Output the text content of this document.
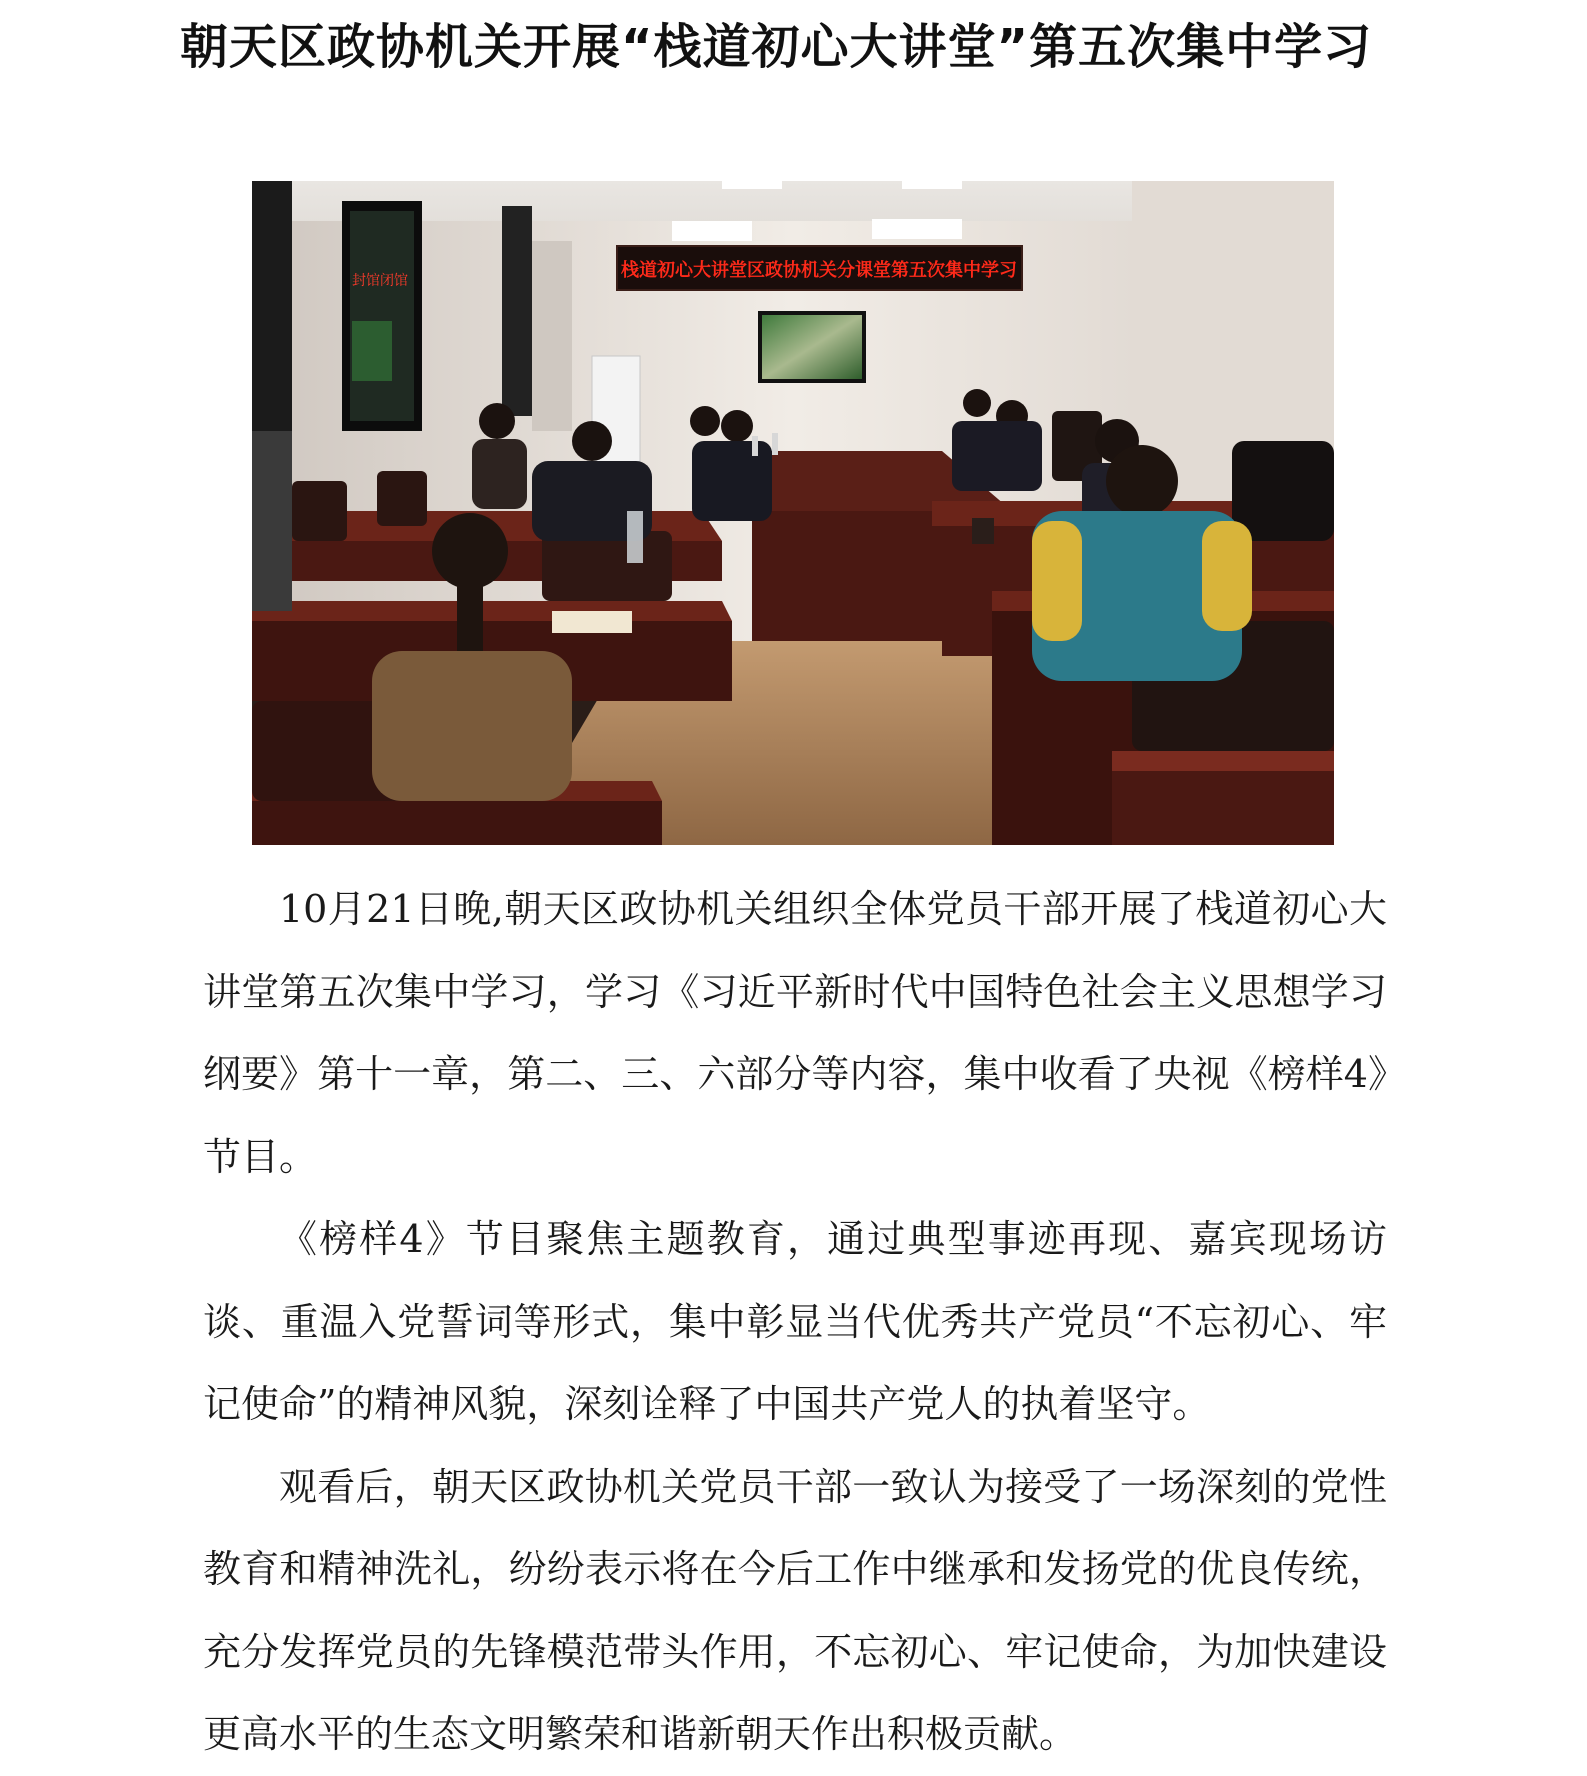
朝天区政协机关开展“栈道初心大讲堂”第五次集中学习
封馆 闭馆	栈道初心大讲堂区政协机关分课堂第五次集中学习

10月21日晚,朝天区政协机关组织全体党员干部开展了栈道初心大讲堂第五次集中学习，学习《习近平新时代中国特色社会主义思想学习纲要》第十一章，第二、三、六部分等内容，集中收看了央视《榜样4》节目。

《榜样4》节目聚焦主题教育，通过典型事迹再现、嘉宾现场访谈、重温入党誓词等形式，集中彰显当代优秀共产党员“不忘初心、牢记使命”的精神风貌，深刻诠释了中国共产党人的执着坚守。

观看后，朝天区政协机关党员干部一致认为接受了一场深刻的党性教育和精神洗礼，纷纷表示将在今后工作中继承和发扬党的优良传统，充分发挥党员的先锋模范带头作用，不忘初心、牢记使命，为加快建设更高水平的生态文明繁荣和谐新朝天作出积极贡献。
